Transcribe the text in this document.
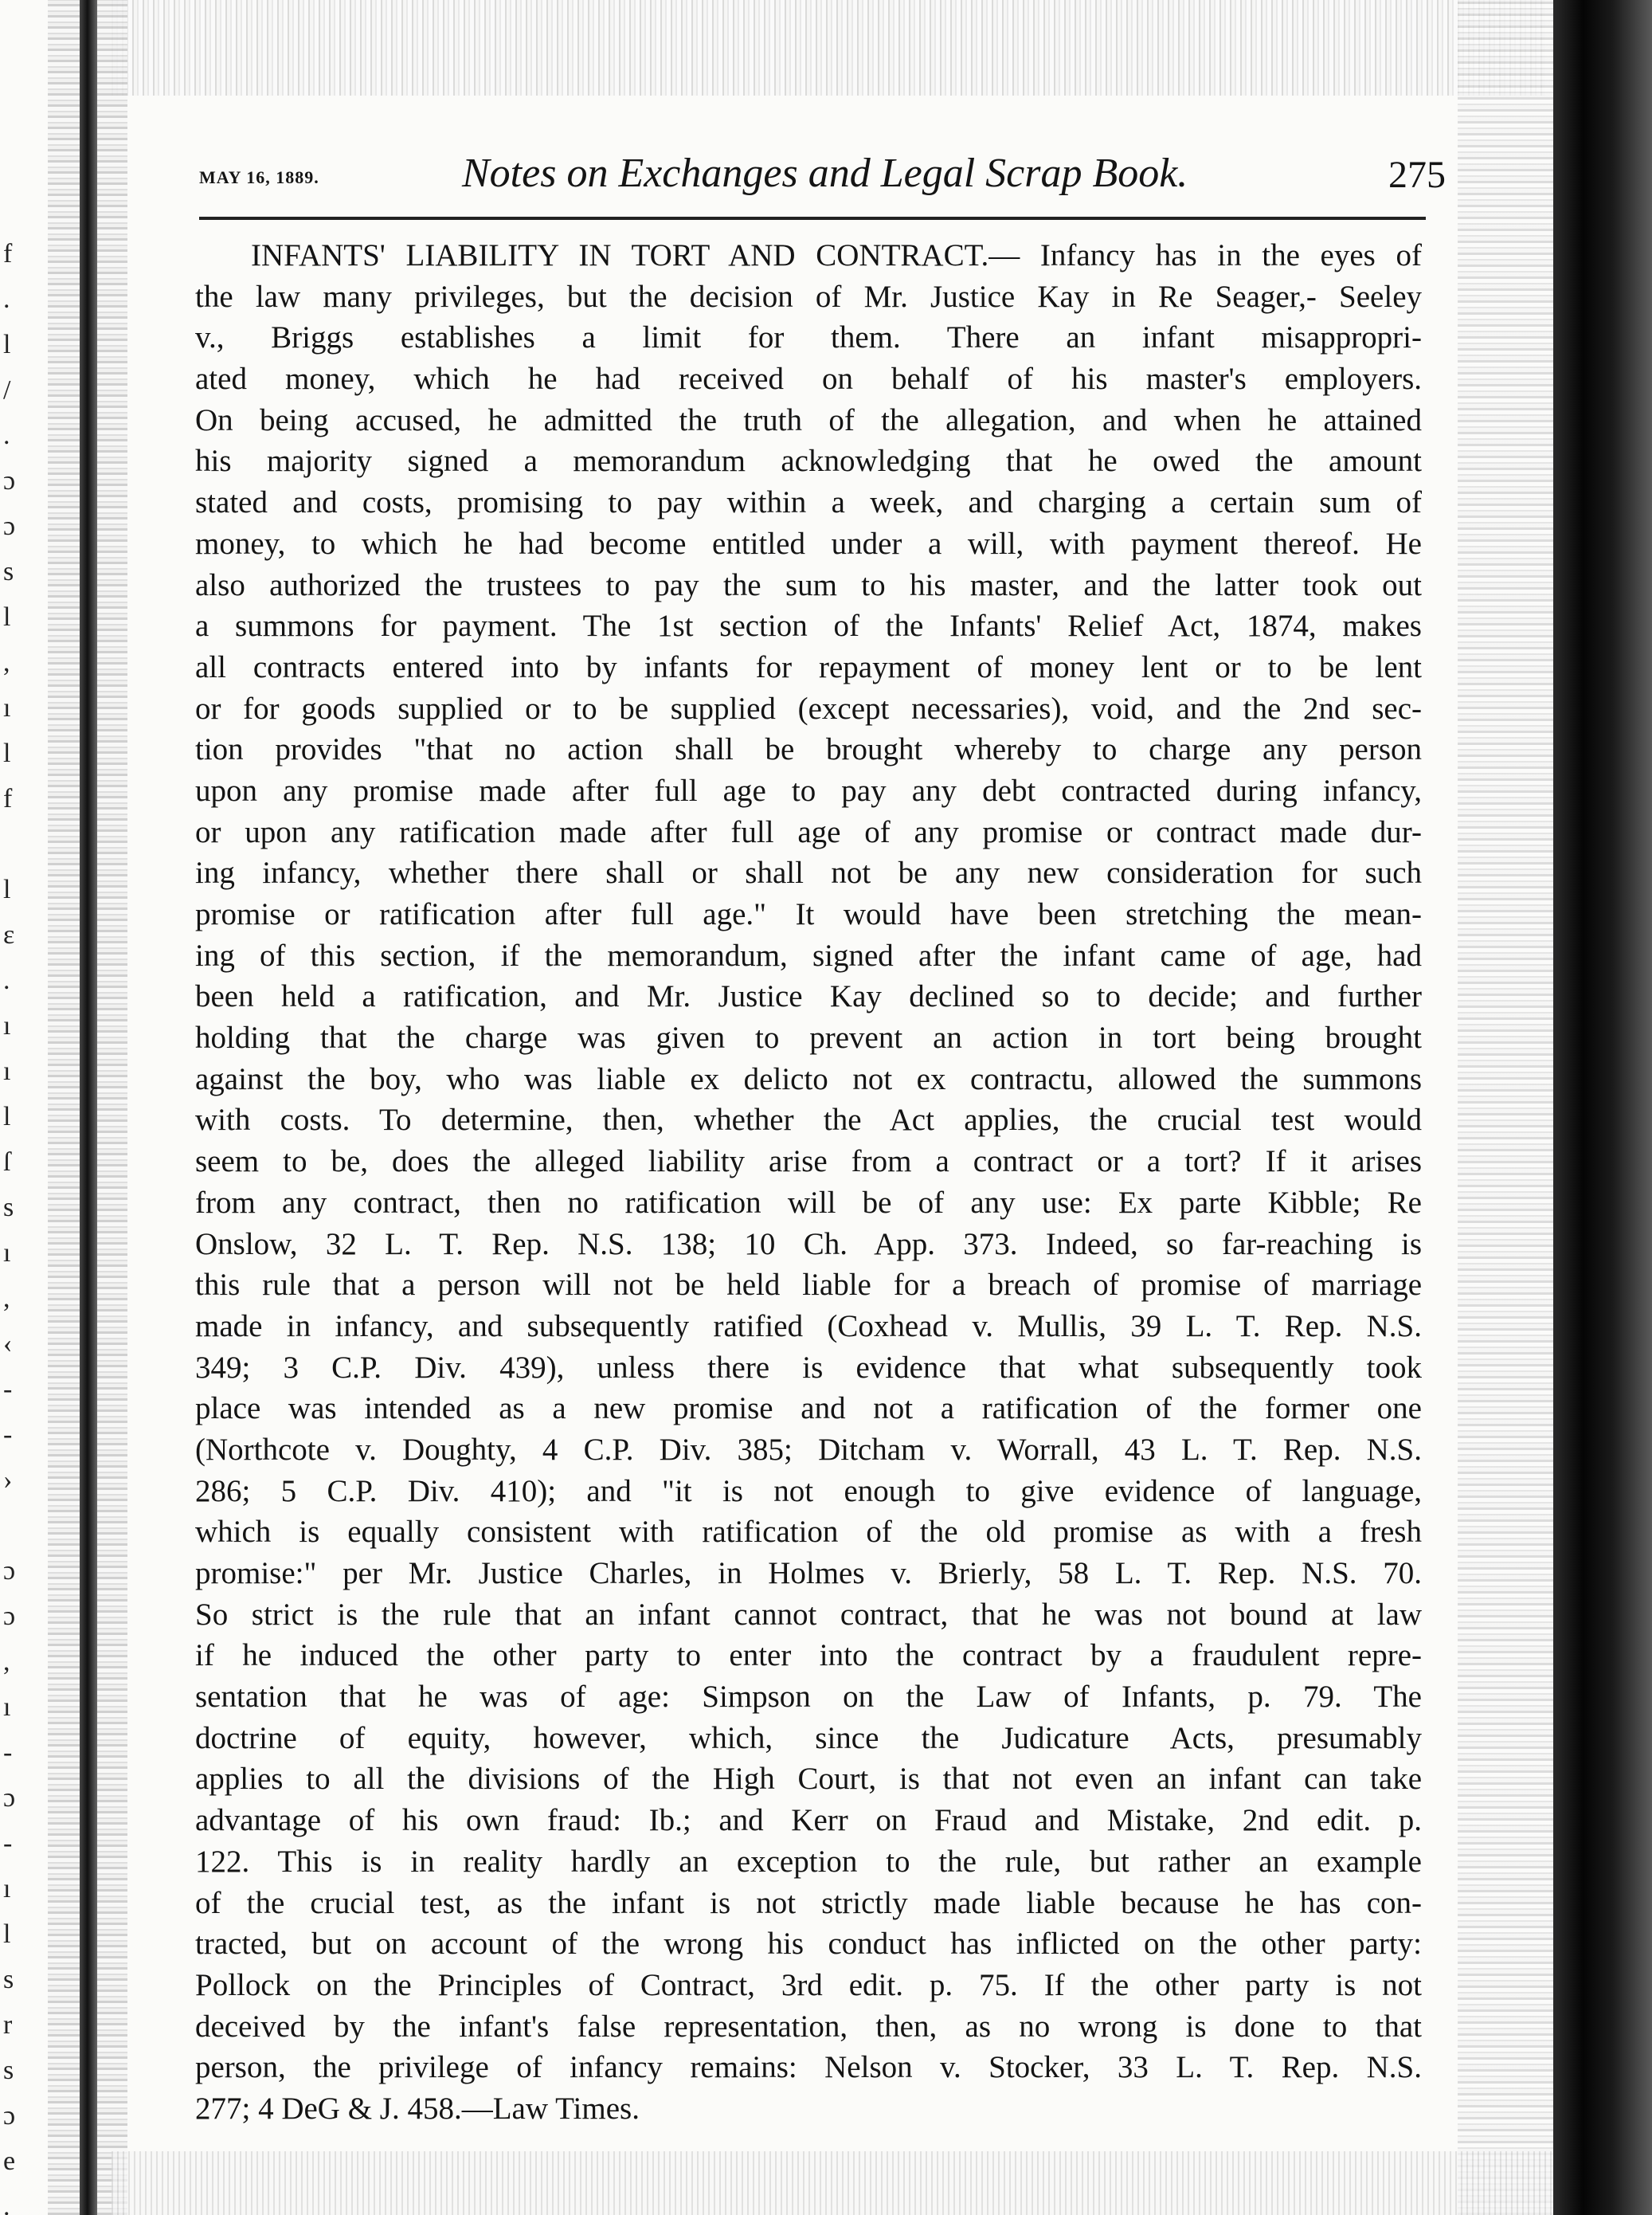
f
.
l
/
.
ɔ
ɔ
s
l
,
ı
l
f
l
ɛ
.
ı
ı
l
ſ
s
ı
,
‹
-
-
›
ɔ
ɔ
,
ı
-
ɔ
-
ı
l
s
r
s
ɔ
e
.
MAY 16, 1889.	Notes on Exchanges and Legal Scrap Book.	275
INFANTS' LIABILITY IN TORT AND CONTRACT.— Infancy has in the eyes of
the law many privileges, but the decision of Mr. Justice Kay in Re Seager,- Seeley
v., Briggs establishes a limit for them. There an infant misappropri-
ated money, which he had received on behalf of his master's employers.
On being accused, he admitted the truth of the allegation, and when he attained
his majority signed a memorandum acknowledging that he owed the amount
stated and costs, promising to pay within a week, and charging a certain sum of
money, to which he had become entitled under a will, with payment thereof. He
also authorized the trustees to pay the sum to his master, and the latter took out
a summons for payment. The 1st section of the Infants' Relief Act, 1874, makes
all contracts entered into by infants for repayment of money lent or to be lent
or for goods supplied or to be supplied (except necessaries), void, and the 2nd sec-
tion provides "that no action shall be brought whereby to charge any person
upon any promise made after full age to pay any debt contracted during infancy,
or upon any ratification made after full age of any promise or contract made dur-
ing infancy, whether there shall or shall not be any new consideration for such
promise or ratification after full age." It would have been stretching the mean-
ing of this section, if the memorandum, signed after the infant came of age, had
been held a ratification, and Mr. Justice Kay declined so to decide; and further
holding that the charge was given to prevent an action in tort being brought
against the boy, who was liable ex delicto not ex contractu, allowed the summons
with costs. To determine, then, whether the Act applies, the crucial test would
seem to be, does the alleged liability arise from a contract or a tort? If it arises
from any contract, then no ratification will be of any use: Ex parte Kibble; Re
Onslow, 32 L. T. Rep. N.S. 138; 10 Ch. App. 373. Indeed, so far-reaching is
this rule that a person will not be held liable for a breach of promise of marriage
made in infancy, and subsequently ratified (Coxhead v. Mullis, 39 L. T. Rep. N.S.
349; 3 C.P. Div. 439), unless there is evidence that what subsequently took
place was intended as a new promise and not a ratification of the former one
(Northcote v. Doughty, 4 C.P. Div. 385; Ditcham v. Worrall, 43 L. T. Rep. N.S.
286; 5 C.P. Div. 410); and "it is not enough to give evidence of language,
which is equally consistent with ratification of the old promise as with a fresh
promise:" per Mr. Justice Charles, in Holmes v. Brierly, 58 L. T. Rep. N.S. 70.
So strict is the rule that an infant cannot contract, that he was not bound at law
if he induced the other party to enter into the contract by a fraudulent repre-
sentation that he was of age: Simpson on the Law of Infants, p. 79. The
doctrine of equity, however, which, since the Judicature Acts, presumably
applies to all the divisions of the High Court, is that not even an infant can take
advantage of his own fraud: Ib.; and Kerr on Fraud and Mistake, 2nd edit. p.
122. This is in reality hardly an exception to the rule, but rather an example
of the crucial test, as the infant is not strictly made liable because he has con-
tracted, but on account of the wrong his conduct has inflicted on the other party:
Pollock on the Principles of Contract, 3rd edit. p. 75. If the other party is not
deceived by the infant's false representation, then, as no wrong is done to that
person, the privilege of infancy remains: Nelson v. Stocker, 33 L. T. Rep. N.S.
277; 4 DeG & J. 458.—Law Times.
